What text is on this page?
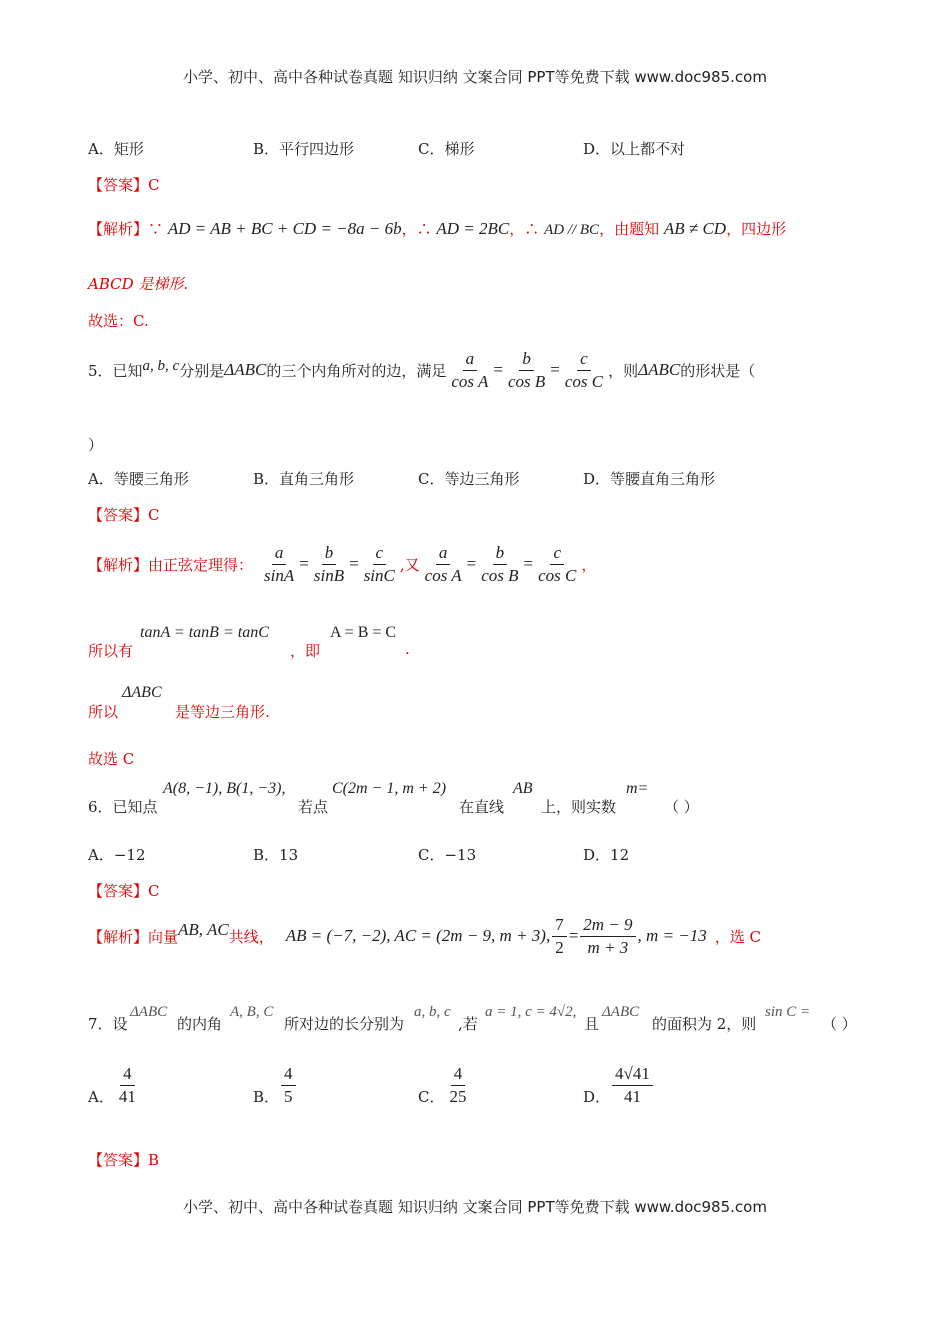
小学、初中、高中各种试卷真题 知识归纳 文案合同 PPT等免费下载 www.doc985.com
A．矩形	B．平行四边形	C．梯形	D．以上都不对
【答案】C
【解析】∵ AD = AB + BC + CD = −8a − 6b，∴ AD = 2BC，∴ AD // BC，由题知 AB ≠ CD，四边形
ABCD 是梯形.
故选：C.
5．已知 a, b, c 分别是 ΔABC 的三个内角所对的边，满足 $\frac{a}{\text{cos A}} = \frac{b}{\text{cos B}} = \frac{c}{\text{cos C}}$ ，则 ΔABC 的形状是（
）
A．等腰三角形	B．直角三角形	C．等边三角形	D．等腰直角三角形
【答案】C
【解析】 由正弦定理得： $\frac{a}{\sin A} = \frac{b}{\sin B} = \frac{c}{\sin C}$ ,又 $\frac{a}{\text{cos A}} = \frac{b}{\text{cos B}} = \frac{c}{\text{cos C}}$ ，
所以有
tanA = tanB = tanC
，即
A = B = C
.
所以
ΔABC
是等边三角形.
故选 C
6．已知点
A(8, −1), B(1, −3),
若点
C(2m − 1, m + 2)
在直线
AB
上，则实数
m=
（ ）
A．−12	B．13	C．−13	D．12
【答案】C
【解析】 向量 AB, AC 共线， AB = (−7, −2), AC = (2m − 9, m + 3), $\frac{7}{2} = \frac{2m - 9}{m + 3}$ , m = −13 ，选 C
7．设
ΔABC
的内角
A, B, C
所对边的长分别为
a, b, c
,若
a = 1, c = 4√2,
且
ΔABC
的面积为 2，则
sin C =
（ ）
A． $\frac{4}{41}$	B． $\frac{4}{5}$	C． $\frac{4}{25}$	D． $\frac{4√41}{41}$
【答案】B
小学、初中、高中各种试卷真题 知识归纳 文案合同 PPT等免费下载 www.doc985.com
